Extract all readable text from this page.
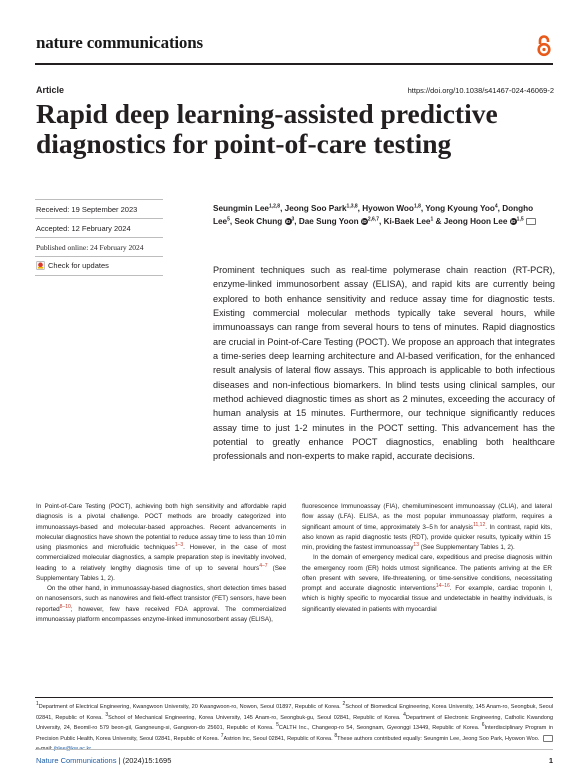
nature communications
Article	https://doi.org/10.1038/s41467-024-46069-2
Rapid deep learning-assisted predictive diagnostics for point-of-care testing
Received: 19 September 2023
Accepted: 12 February 2024
Published online: 24 February 2024
Check for updates
Seungmin Lee$^{1,2,8}$, Jeong Soo Park$^{1,3,8}$, Hyowon Woo$^{1,8}$, Yong Kyoung Yoo$^4$, Dongho Lee$^5$, Seok Chung $iD^3$, Dae Sung Yoon iD$^{2,6,7}$, Ki-Baek Lee$^1$ & Jeong Hoon Lee iD$^{1,5}$
Prominent techniques such as real-time polymerase chain reaction (RT-PCR), enzyme-linked immunosorbent assay (ELISA), and rapid kits are currently being explored to both enhance sensitivity and reduce assay time for diagnostic tests. Existing commercial molecular methods typically take several hours, while immunoassays can range from several hours to tens of minutes. Rapid diagnostics are crucial in Point-of-Care Testing (POCT). We propose an approach that integrates a time-series deep learning architecture and AI-based verification, for the enhanced result analysis of lateral flow assays. This approach is applicable to both infectious diseases and non-infectious biomarkers. In blind tests using clinical samples, our method achieved diagnostic times as short as 2 minutes, exceeding the accuracy of human analysis at 15 minutes. Furthermore, our technique significantly reduces assay time to just 1-2 minutes in the POCT setting. This advancement has the potential to greatly enhance POCT diagnostics, enabling both healthcare professionals and non-experts to make rapid, accurate decisions.

In Point-of-Care Testing (POCT), achieving both high sensitivity and affordable rapid diagnosis is a pivotal challenge. POCT methods are broadly categorized into immunoassays-based and molecular-based approaches. Recent advancements in molecular diagnostics have shown the potential to reduce assay time to less than 10 min using plasmonics and microfluidic techniques$^{1-3}$. However, in the case of most commercialized molecular diagnostics, a sample preparation step is inevitably involved, leading to a relatively lengthy diagnosis time of up to several hours$^{4-7}$ (See Supplementary Tables 1, 2).

On the other hand, in immunoassay-based diagnostics, short detection times based on nanosensors, such as nanowires and field-effect transistor (FET) sensors, have been reported$^{8-10}$; however, few have received FDA approval. The commercialized immunoassay platform encompasses enzyme-linked immunosorbent assay (ELISA),

fluorescence Immunoassay (FIA), chemiluminescent immunoassay (CLIA), and lateral flow assay (LFA). ELISA, as the most popular immunoassay platform, requires a significant amount of time, approximately 3–5 h for analysis$^{11,12}$. In contrast, rapid kits, also known as rapid diagnostic tests (RDT), provide quicker results, typically within 15 min, providing the fastest immunoassay$^{13}$ (See Supplementary Tables 1, 2).

In the domain of emergency medical care, expeditious and precise diagnosis within the emergency room (ER) holds utmost significance. The patients arriving at the ER often present with severe, life-threatening, or time-sensitive conditions, necessitating prompt and accurate diagnostic interventions$^{14-16}$. For example, cardiac troponin I, which is highly specific to myocardial tissue and undetectable in healthy individuals, is significantly elevated in patients with myocardial

$^1$Department of Electrical Engineering, Kwangwoon University, 20 Kwangwoon-ro, Nowon, Seoul 01897, Republic of Korea. $^2$School of Biomedical Engineering, Korea University, 145 Anam-ro, Seongbuk, Seoul 02841, Republic of Korea. $^3$School of Mechanical Engineering, Korea University, 145 Anam-ro, Seongbuk-gu, Seoul 02841, Republic of Korea. $^4$Department of Electronic Engineering, Catholic Kwandong University, 24, Beomil-ro 579 beon-gil, Gangneung-si, Gangwon-do 25601, Republic of Korea. $^5$CALTH Inc., Changeop-ro 54, Seongnam, Gyeonggi 13449, Republic of Korea. $^6$Interdisciplinary Program in Precision Public Health, Korea University, Seoul 02841, Republic of Korea. $^7$Astrion Inc, Seoul 02841, Republic of Korea. $^8$These authors contributed equally: Seungmin Lee, Jeong Soo Park, Hyowon Woo.
Nature Communications | (2024)15:1695	1
